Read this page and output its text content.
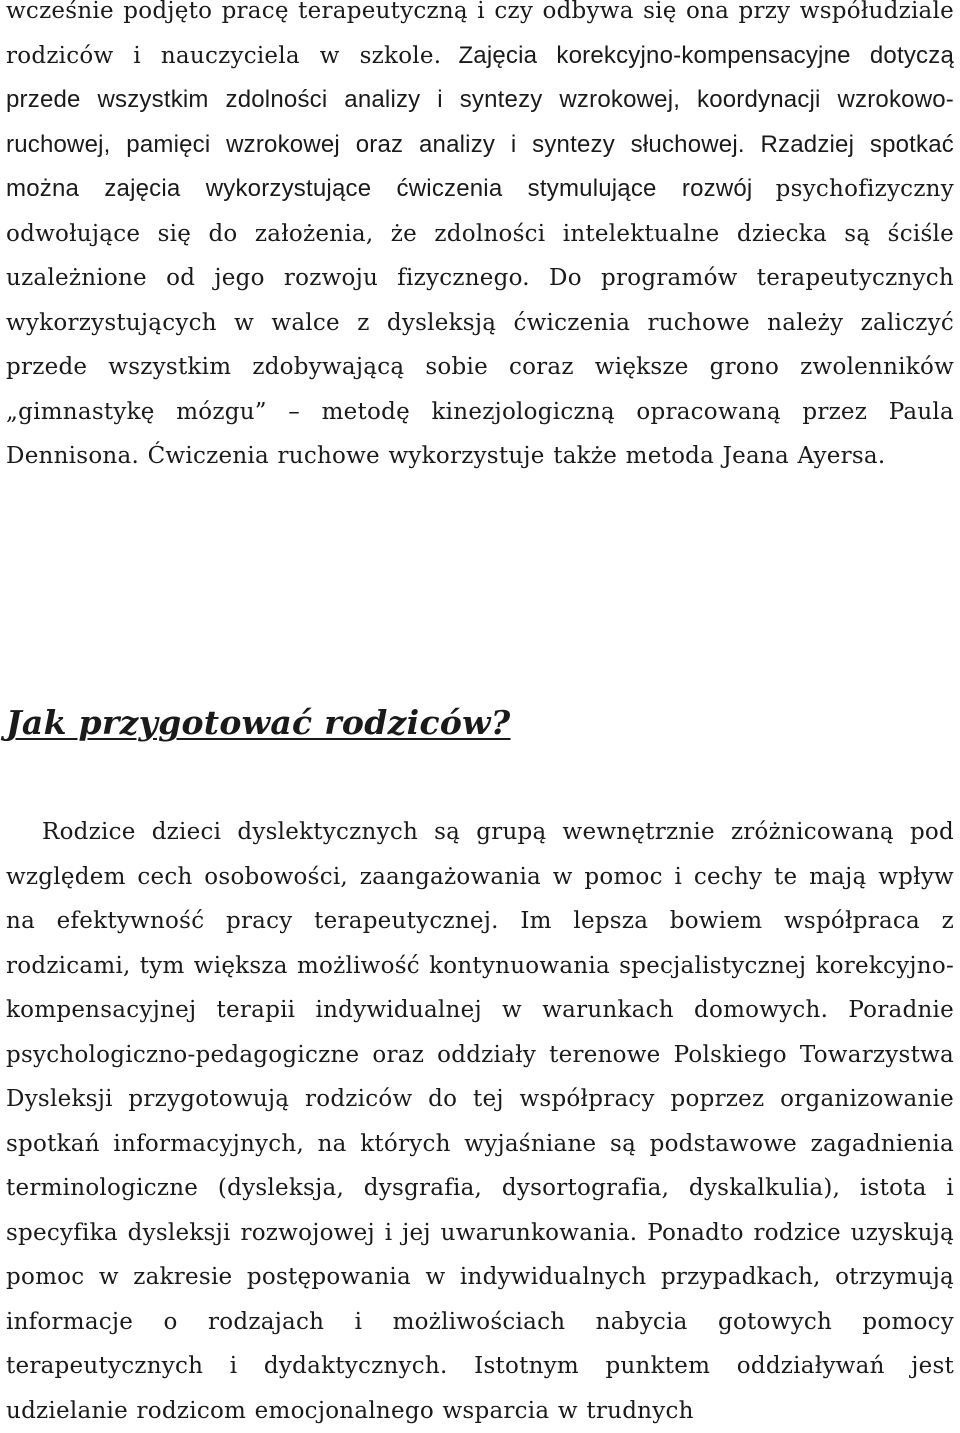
wcześnie podjęto pracę terapeutyczną i czy odbywa się ona przy współudziale rodziców i nauczyciela w szkole. Zajęcia korekcyjno-kompensacyjne dotyczą przede wszystkim zdolności analizy i syntezy wzrokowej, koordynacji wzrokowo-ruchowej, pamięci wzrokowej oraz analizy i syntezy słuchowej. Rzadziej spotkać można zajęcia wykorzystujące ćwiczenia stymulujące rozwój psychofizyczny odwołujące się do założenia, że zdolności intelektualne dziecka są ściśle uzależnione od jego rozwoju fizycznego. Do programów terapeutycznych wykorzystujących w walce z dysleksją ćwiczenia ruchowe należy zaliczyć przede wszystkim zdobywającą sobie coraz większe grono zwolenników „gimnastykę mózgu” – metodę kinezjologiczną opracowaną przez Paula Dennisona. Ćwiczenia ruchowe wykorzystuje także metoda Jeana Ayersa.

Jak przygotować rodziców?

Rodzice dzieci dyslektycznych są grupą wewnętrznie zróżnicowaną pod względem cech osobowości, zaangażowania w pomoc i cechy te mają wpływ na efektywność pracy terapeutycznej. Im lepsza bowiem współpraca z rodzicami, tym większa możliwość kontynuowania specjalistycznej korekcyjno-kompensacyjnej terapii indywidualnej w warunkach domowych. Poradnie psychologiczno-pedagogiczne oraz oddziały terenowe Polskiego Towarzystwa Dysleksji przygotowują rodziców do tej współpracy poprzez organizowanie spotkań informacyjnych, na których wyjaśniane są podstawowe zagadnienia terminologiczne (dysleksja, dysgrafia, dysortografia, dyskalkulia), istota i specyfika dysleksji rozwojowej i jej uwarunkowania. Ponadto rodzice uzyskują pomoc w zakresie postępowania w indywidualnych przypadkach, otrzymują informacje o rodzajach i możliwościach nabycia gotowych pomocy terapeutycznych i dydaktycznych. Istotnym punktem oddziaływań jest udzielanie rodzicom emocjonalnego wsparcia w trudnych
